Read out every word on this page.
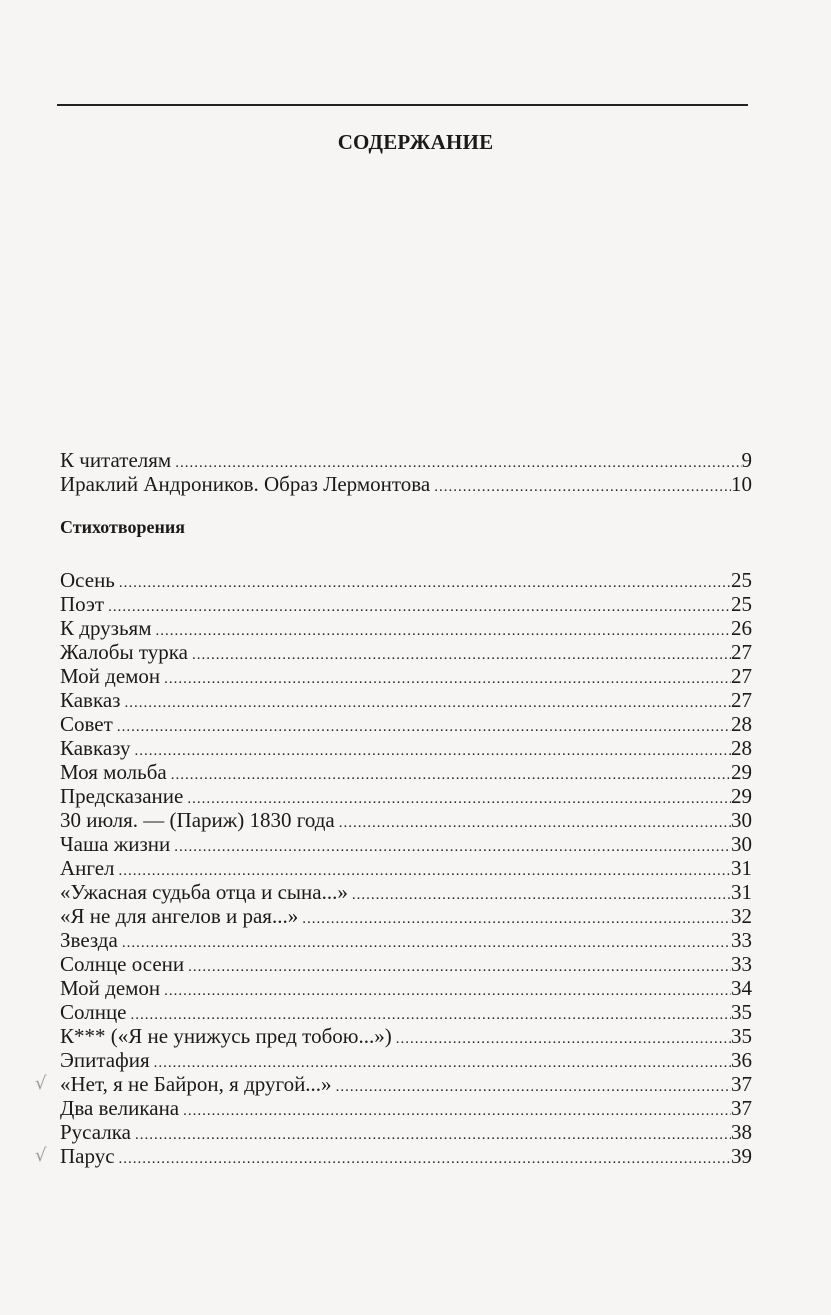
СОДЕРЖАНИЕ
К читателям .....	9
Ираклий Андроников. Образ Лермонтова .....	10
Стихотворения
Осень .....	25
Поэт .....	25
К друзьям .....	26
Жалобы турка .....	27
Мой демон .....	27
Кавказ .....	27
Совет .....	28
Кавказу .....	28
Моя мольба .....	29
Предсказание .....	29
30 июля. — (Париж) 1830 года .....	30
Чаша жизни .....	30
Ангел .....	31
«Ужасная судьба отца и сына...» .....	31
«Я не для ангелов и рая...» .....	32
Звезда .....	33
Солнце осени .....	33
Мой демон .....	34
Солнце .....	35
К*** («Я не унижусь пред тобою...») .....	35
Эпитафия .....	36
√ «Нет, я не Байрон, я другой...» .....	37
Два великана .....	37
Русалка .....	38
√ Парус .....	39
